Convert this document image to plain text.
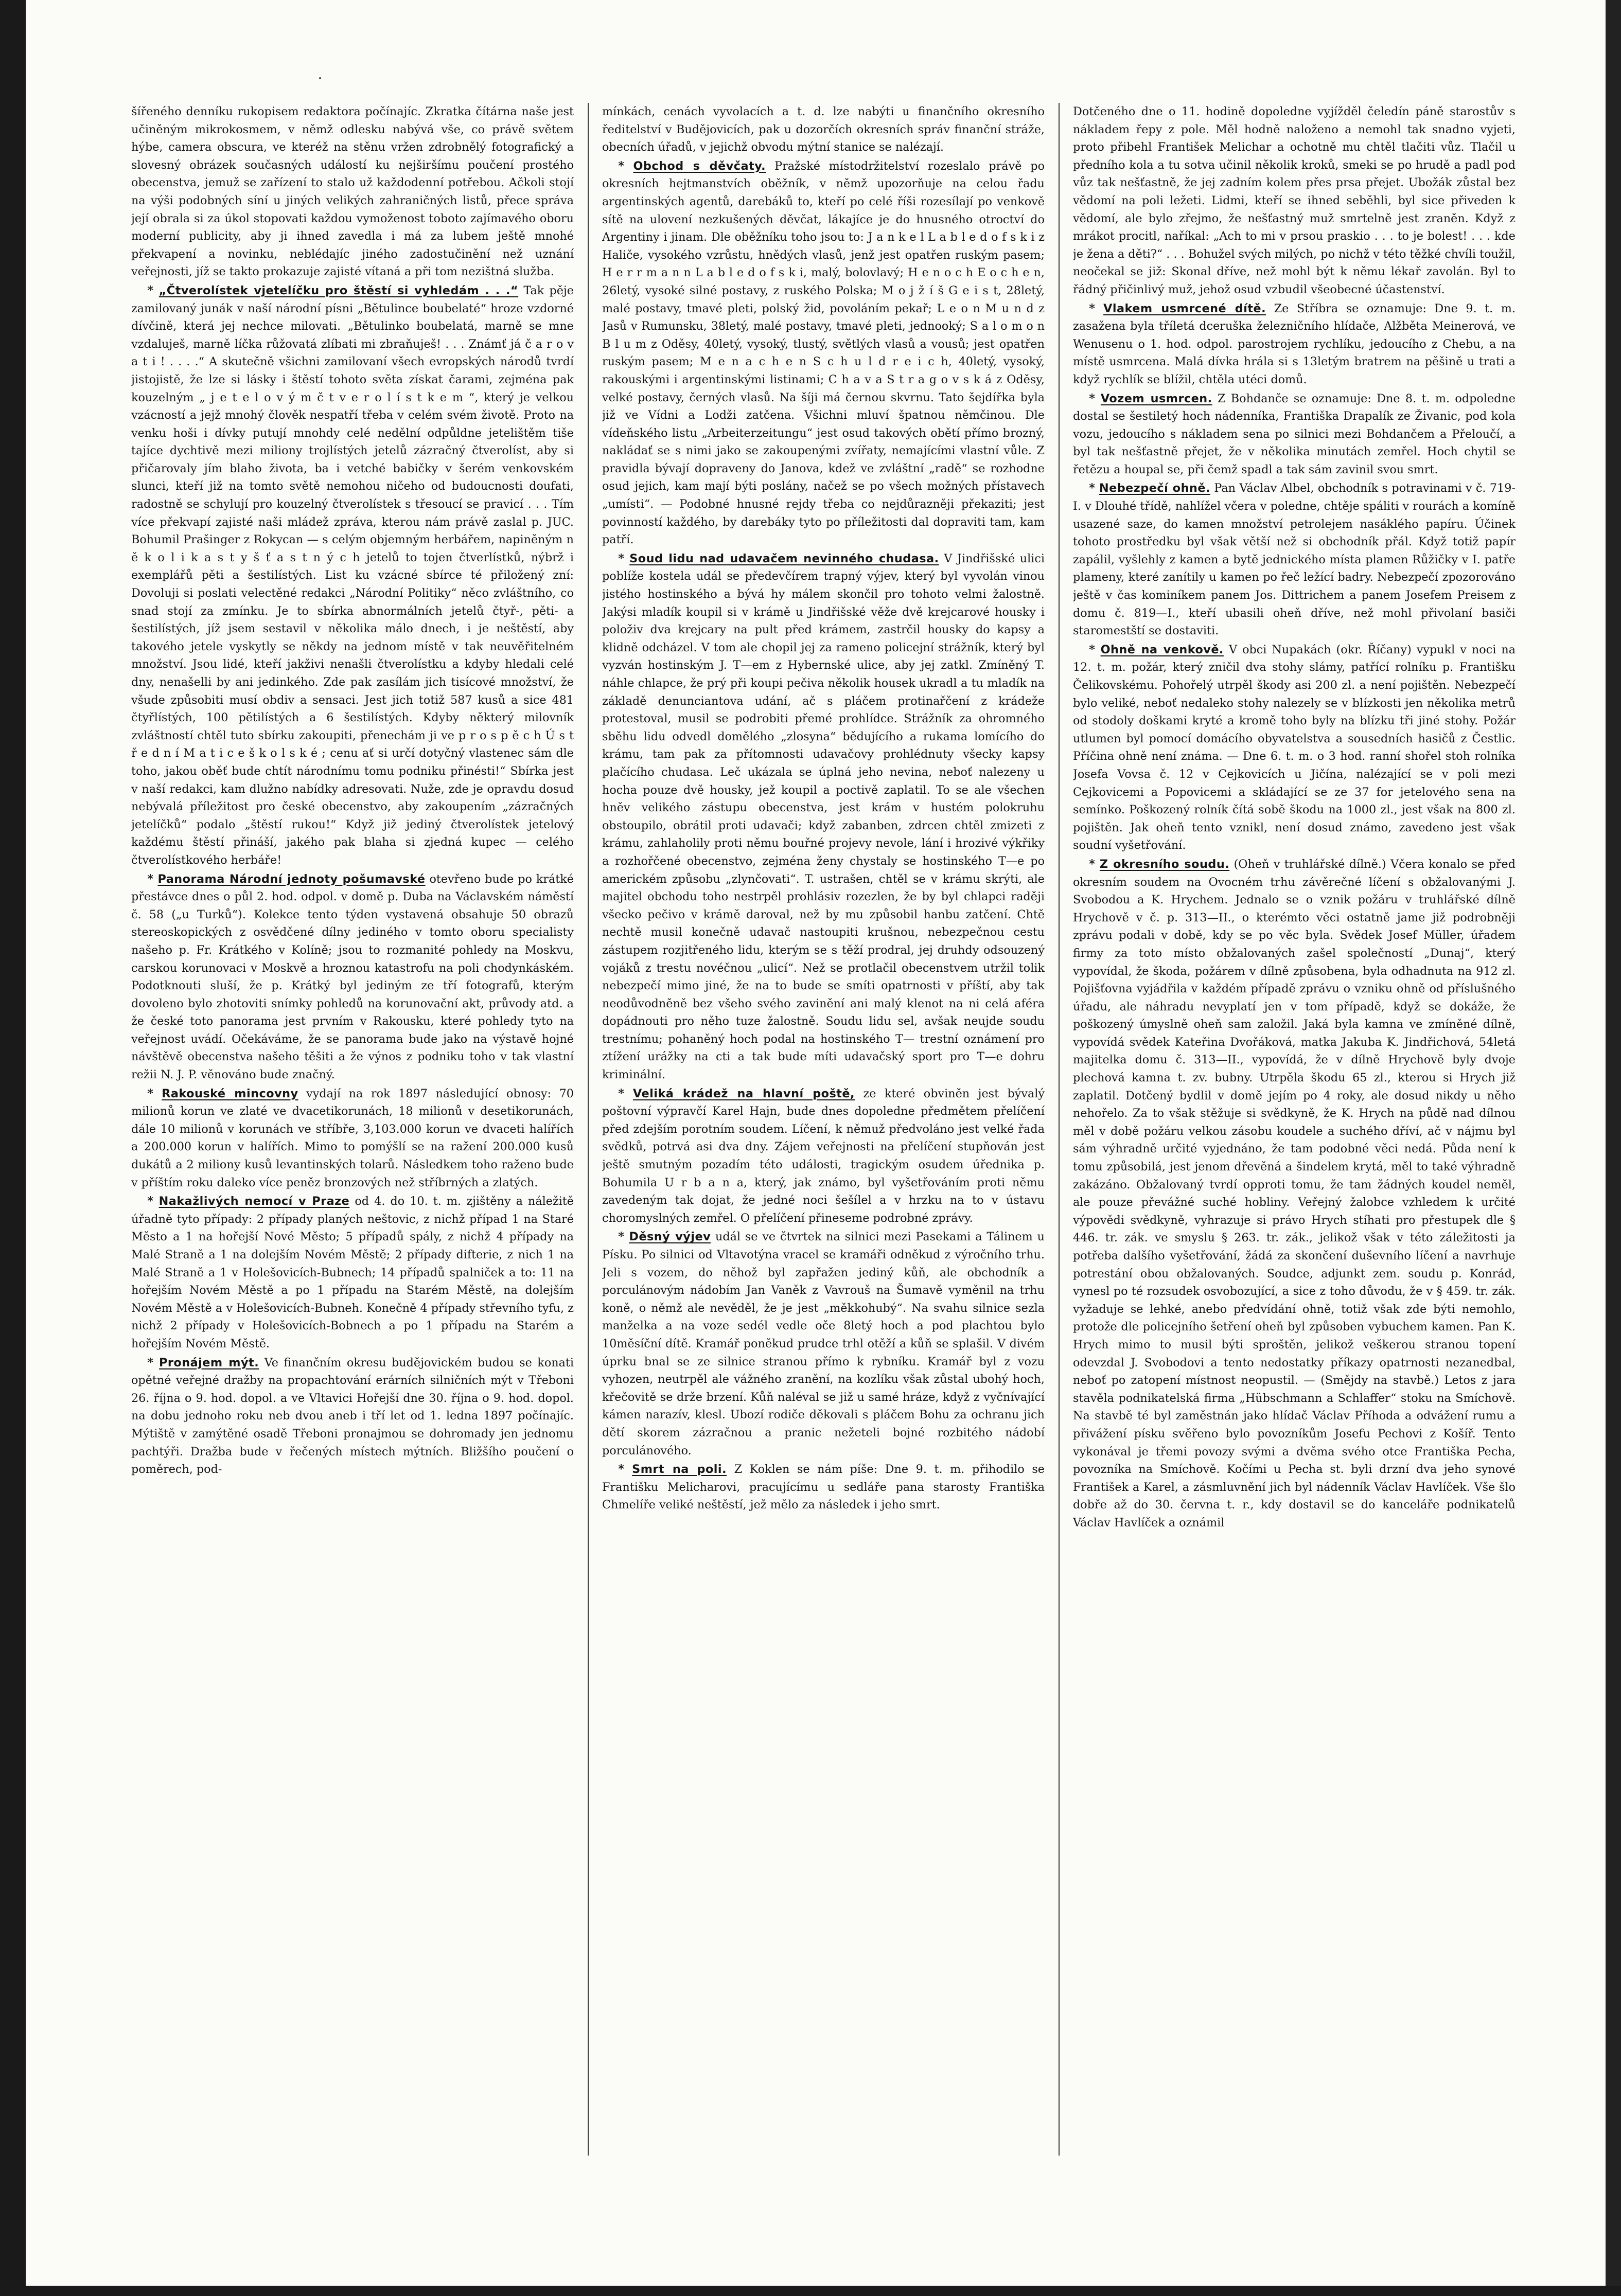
šířeného denníku rukopisem redaktora počínajíc. Zkratka čítárna naše jest učiněným mikrokosmem, v němž odlesku nabývá vše, co právě světem hýbe, camera obscura, ve kteréž na stěnu vržen zdrobnělý fotografický a slovesný obrázek současných událostí ku nejširšímu poučení prostého obecenstva, jemuž se zařízení to stalo už každodenní potřebou. Ačkoli stojí na výši podobných síní u jiných velikých zahraničných listů, přece správa její obrala si za úkol stopovati každou vymoženost toboto zajímavého oboru moderní publicity, aby ji ihned zavedla i má za lubem ještě mnohé překvapení a novinku, neblédajíc jiného zadostučinění než uznání veřejnosti, jíž se takto prokazuje zajisté vítaná a při tom nezištná služba.

* „Čtverolístek vjetelíčku pro štěstí si vyhledám . . .“ Tak pěje zamilovaný junák v naší národní písni „Bětulince boubelaté“ hroze vzdorné dívčině, která jej nechce milovati. „Bětulinko boubelatá, marně se mne vzdaluješ, marně líčka růžovatá zlíbati mi zbraňuješ! . . . Známť já č a r o v a t i ! . . . .“ A skutečně všichni zamilovaní všech evropských národů tvrdí jistojistě, že lze si lásky i štěstí tohoto světa získat čarami, zejména pak kouzelným „ j e t e l o v ý m č t v e r o l í s t k e m “, který je velkou vzácností a jejž mnohý člověk nespatří třeba v celém svém životě. Proto na venku hoši i dívky putují mnohdy celé nedělní odpůldne jetelištěm tiše tajíce dychtivě mezi miliony trojlístých jetelů zázračný čtverolíst, aby si přičarovaly jím blaho života, ba i vetché babičky v šerém venkovském slunci, kteří již na tomto světě nemohou ničeho od budoucnosti doufati, radostně se schylují pro kouzelný čtverolístek s třesoucí se pravicí . . . Tím více překvapí zajisté naši mládež zpráva, kterou nám právě zaslal p. JUC. Bohumil Prašinger z Rokycan — s celým objemným herbářem, napiněným n ě k o l i k a s t y š ť a s t n ý c h jetelů to tojen čtverlístků, nýbrž i exemplářů pěti a šestilístých. List ku vzácné sbírce té přiložený zní: Dovoluji si poslati velectěné redakci „Národní Politiky“ něco zvláštního, co snad stojí za zmínku. Je to sbírka abnormálních jetelů čtyř-, pěti- a šestilístých, jíž jsem sestavil v několika málo dnech, i je neštěstí, aby takového jetele vyskytly se někdy na jednom místě v tak neuvěřitelném množství. Jsou lidé, kteří jakživi nenašli čtverolístku a kdyby hledali celé dny, nenašelli by ani jedinkého. Zde pak zasílám jich tisícové množství, že všude způsobiti musí obdiv a sensaci. Jest jich totiž 587 kusů a sice 481 čtyřlístých, 100 pětilístých a 6 šestilístých. Kdyby některý milovník zvláštností chtěl tuto sbírku zakoupiti, přenechám ji ve p r o s p ě c h Ú s t ř e d n í M a t i c e š k o l s k é ; cenu ať si určí dotyčný vlastenec sám dle toho, jakou oběť bude chtít národnímu tomu podniku přinésti!“ Sbírka jest v naší redakci, kam dlužno nabídky adresovati. Nuže, zde je opravdu dosud nebývalá příležitost pro české obecenstvo, aby zakoupením „zázračných jetelíčků“ podalo „štěstí rukou!“ Když již jediný čtverolístek jetelový každému štěstí přináší, jakého pak blaha si zjedná kupec — celého čtverolístkového herbáře!

* Panorama Národní jednoty pošumavské otevřeno bude po krátké přestávce dnes o půl 2. hod. odpol. v domě p. Duba na Václavském náměstí č. 58 („u Turků“). Kolekce tento týden vystavená obsahuje 50 obrazů stereoskopických z osvědčené dílny jediného v tomto oboru specialisty našeho p. Fr. Krátkého v Kolíně; jsou to rozmanité pohledy na Moskvu, carskou korunovaci v Moskvě a hroznou katastrofu na poli chodynkáském. Podotknouti sluší, že p. Krátký byl jediným ze tří fotografů, kterým dovoleno bylo zhotoviti snímky pohledů na korunovační akt, průvody atd. a že české toto panorama jest prvním v Rakousku, které pohledy tyto na veřejnost uvádí. Očekáváme, že se panorama bude jako na výstavě hojné návštěvě obecenstva našeho těšiti a že výnos z podniku toho v tak vlastní režii N. J. P. věnováno bude značný.

* Rakouské mincovny vydají na rok 1897 následující obnosy: 70 milionů korun ve zlaté ve dvacetikorunách, 18 milionů v desetikorunách, dále 10 milionů v korunách ve stříbře, 3,103.000 korun ve dvaceti halířích a 200.000 korun v halířích. Mimo to pomýšlí se na ražení 200.000 kusů dukátů a 2 miliony kusů levantinských tolarů. Následkem toho raženo bude v příštím roku daleko více peněz bronzových než stříbrných a zlatých.

* Nakažlivých nemocí v Praze od 4. do 10. t. m. zjištěny a náležitě úřadně tyto případy: 2 případy planých neštovic, z nichž případ 1 na Staré Město a 1 na hořejší Nové Město; 5 případů spály, z nichž 4 případy na Malé Straně a 1 na dolejším Novém Městě; 2 případy difterie, z nich 1 na Malé Straně a 1 v Holešovicích-Bubnech; 14 případů spalniček a to: 11 na hořejším Novém Městě a po 1 případu na Starém Městě, na dolejším Novém Městě a v Holešovicích-Bubneh. Konečně 4 případy střevního tyfu, z nichž 2 případy v Holešovicích-Bobnech a po 1 případu na Starém a hořejším Novém Městě.

* Pronájem mýt. Ve finančním okresu budějovickém budou se konati opětné veřejné dražby na propachtování erárních silničních mýt v Třeboni 26. října o 9. hod. dopol. a ve Vltavici Hořejší dne 30. října o 9. hod. dopol. na dobu jednoho roku neb dvou aneb i tří let od 1. ledna 1897 počínajíc. Mýtiště v zamýtěné osadě Třeboni pronajmou se dohromady jen jednomu pachtýři. Dražba bude v řečených místech mýtních. Bližšího poučení o poměrech, pod-

mínkách, cenách vyvolacích a t. d. lze nabýti u finančního okresního ředitelství v Budějovicích, pak u dozorčích okresních správ finanční stráže, obecních úřadů, v jejichž obvodu mýtní stanice se nalézají.

* Obchod s děvčaty. Pražské místodržitelství rozeslalo právě po okresních hejtmanstvích oběžník, v němž upozorňuje na celou řadu argentinských agentů, darebáků to, kteří po celé říši rozesílají po venkově sítě na ulovení nezkušených děvčat, lákajíce je do hnusného otroctví do Argentiny i jinam. Dle oběžníku toho jsou to: J a n k e l L a b l e d o f s k i z Haliče, vysokého vzrůstu, hnědých vlasů, jenž jest opatřen ruským pasem; H e r r m a n n L a b l e d o f s k i, malý, bolovlavý; H e n o c h E o c h e n, 26letý, vysoké silné postavy, z ruského Polska; M o j ž í š G e i s t, 28letý, malé postavy, tmavé pleti, polský žid, povoláním pekař; L e o n M u n d z Jasů v Rumunsku, 38letý, malé postavy, tmavé pleti, jednooký; S a l o m o n B l u m z Oděsy, 40letý, vysoký, tlustý, světlých vlasů a vousů; jest opatřen ruským pasem; M e n a c h e n S c h u l d r e i c h, 40letý, vysoký, rakouskými i argentinskými listinami; C h a v a S t r a g o v s k á z Oděsy, velké postavy, černých vlasů. Na šíji má černou skvrnu. Tato šejdířka byla již ve Vídni a Lodži zatčena. Všichni mluví špatnou němčinou. Dle vídeňského listu „Arbeiterzeitungu“ jest osud takových obětí přímo brozný, nakládať se s nimi jako se zakoupenými zvířaty, nemajícími vlastní vůle. Z pravidla bývají dopraveny do Janova, kdež ve zvláštní „radě“ se rozhodne osud jejich, kam mají býti poslány, načež se po všech možných přístavech „umísti“. — Podobné hnusné rejdy třeba co nejdůrazněji překaziti; jest povinností každého, by darebáky tyto po příležitosti dal dopraviti tam, kam patří.

* Soud lidu nad udavačem nevinného chudasa. V Jindřišské ulici poblíže kostela udál se předevčírem trapný výjev, který byl vyvolán vinou jistého hostinského a bývá hy málem skončil pro tohoto velmi žalostně. Jakýsi mladík koupil si v krámě u Jindřišské věže dvě krejcarové housky i položiv dva krejcary na pult před krámem, zastrčil housky do kapsy a klidně odcházel. V tom ale chopil jej za rameno policejní strážník, který byl vyzván hostinským J. T—em z Hybernské ulice, aby jej zatkl. Zmíněný T. náhle chlapce, že prý při koupi pečiva několik housek ukradl a tu mladík na základě denunciantova udání, ač s pláčem protinařčení z krádeže protestoval, musil se podrobiti přemé prohlídce. Strážník za ohromného sběhu lidu odvedl domělého „zlosyna“ bědujícího a rukama lomícího do krámu, tam pak za přítomnosti udavačovy prohlédnuty všecky kapsy plačícího chudasa. Leč ukázala se úplná jeho nevina, neboť nalezeny u hocha pouze dvě housky, jež koupil a poctivě zaplatil. To se ale všechen hněv velikého zástupu obecenstva, jest krám v hustém polokruhu obstoupilo, obrátil proti udavači; když zabanben, zdrcen chtěl zmizeti z krámu, zahlaholily proti němu bouřné projevy nevole, lání i hrozivé výkřiky a rozhořčené obecenstvo, zejména ženy chystaly se hostinského T—e po americkém způsobu „zlynčovati“. T. ustrašen, chtěl se v krámu skrýti, ale majitel obchodu toho nestrpěl prohlásiv rozezlen, že by byl chlapci raději všecko pečivo v krámě daroval, než by mu způsobil hanbu zatčení. Chtě nechtě musil konečně udavač nastoupiti krušnou, nebezpečnou cestu zástupem rozjitřeného lidu, kterým se s těží prodral, jej druhdy odsouzený vojáků z trestu novéčnou „ulicí“. Než se protlačil obecenstvem utržil tolik nebezpečí mimo jiné, že na to bude se smíti opatrnosti v příští, aby tak neodůvodněně bez všeho svého zavinění ani malý klenot na ni celá aféra dopádnouti pro něho tuze žalostně. Soudu lidu sel, avšak neujde soudu trestnímu; pohaněný hoch podal na hostinského T— trestní oznámení pro ztížení urážky na cti a tak bude míti udavačský sport pro T—e dohru kriminální.

* Veliká krádež na hlavní poště, ze které obviněn jest bývalý poštovní výpravčí Karel Hajn, bude dnes dopoledne předmětem přelíčení před zdejším porotním soudem. Líčení, k němuž předvoláno jest velké řada svědků, potrvá asi dva dny. Zájem veřejnosti na přelíčení stupňován jest ještě smutným pozadím této události, tragickým osudem úřednika p. Bohumila U r b a n a, který, jak známo, byl vyšetřováním proti němu zavedeným tak dojat, že jedné noci šešílel a v hrzku na to v ústavu choromyslných zemřel. O přelíčení přineseme podrobné zprávy.

* Děsný výjev udál se ve čtvrtek na silnici mezi Pasekami a Tálinem u Písku. Po silnici od Vltavotýna vracel se kramáři odněkud z výročního trhu. Jeli s vozem, do něhož byl zapřažen jediný kůň, ale obchodník a porculánovým nádobím Jan Vaněk z Vavrouš na Šumavě vyměnil na trhu koně, o němž ale nevěděl, že je jest „měkkohubý“. Na svahu silnice sezla manželka a na voze sedél vedle oče 8letý hoch a pod plachtou bylo 10měsíční dítě. Kramář poněkud prudce trhl otěží a kůň se splašil. V divém úprku bnal se ze silnice stranou přímo k rybníku. Kramář byl z vozu vyhozen, neutrpěl ale vážného zranění, na kozlíku však zůstal ubohý hoch, křečovitě se drže brzení. Kůň naléval se již u samé hráze, když z vyčnívající kámen narazív, klesl. Ubozí rodiče děkovali s pláčem Bohu za ochranu jich dětí skorem zázračnou a pranic nežeteli bojné rozbitého nádobí porculánového.

* Smrt na poli. Z Koklen se nám píše: Dne 9. t. m. přihodilo se Františku Melicharovi, pracujícímu u sedláře pana starosty Františka Chmelíře veliké neštěstí, jež mělo za následek i jeho smrt.

Dotčeného dne o 11. hodině dopoledne vyjížděl čeledín páně starostův s nákladem řepy z pole. Měl hodně naloženo a nemohl tak snadno vyjeti, proto přibehl František Melichar a ochotně mu chtěl tlačiti vůz. Tlačil u předního kola a tu sotva učinil několik kroků, smeki se po hrudě a padl pod vůz tak nešťastně, že jej zadním kolem přes prsa přejet. Ubožák zůstal bez vědomí na poli ležeti. Lidmi, kteří se ihned seběhli, byl sice přiveden k vědomí, ale bylo zřejmo, že nešťastný muž smrtelně jest zraněn. Když z mrákot procitl, naříkal: „Ach to mi v prsou praskio . . . to je bolest! . . . kde je žena a děti?“ . . . Bohužel svých milých, po nichž v této těžké chvíli toužil, neočekal se již: Skonal dříve, než mohl být k němu lékař zavolán. Byl to řádný přičinlivý muž, jehož osud vzbudil všeobecné účastenství.

* Vlakem usmrcené dítě. Ze Stříbra se oznamuje: Dne 9. t. m. zasažena byla tříletá dceruška železničního hlídače, Alžběta Meinerová, ve Wenusenu o 1. hod. odpol. parostrojem rychlíku, jedoucího z Chebu, a na místě usmrcena. Malá dívka hrála si s 13letým bratrem na pěšině u trati a když rychlík se blížil, chtěla utéci domů.

* Vozem usmrcen. Z Bohdanče se oznamuje: Dne 8. t. m. odpoledne dostal se šestiletý hoch nádenníka, Františka Drapalík ze Živanic, pod kola vozu, jedoucího s nákladem sena po silnici mezi Bohdančem a Přeloučí, a byl tak nešťastně přejet, že v několika minutách zemřel. Hoch chytil se řetězu a houpal se, při čemž spadl a tak sám zavinil svou smrt.

* Nebezpečí ohně. Pan Václav Albel, obchodník s potravinami v č. 719-I. v Dlouhé třídě, nahlížel včera v poledne, chtěje spáliti v rourách a komíně usazené saze, do kamen množství petrolejem nasáklého papíru. Účinek tohoto prostředku byl však větší než si obchodník přál. Když totiž papír zapálil, vyšlehly z kamen a bytě jednického místa plamen Růžičky v I. patře plameny, které zanítily u kamen po řeč ležící badry. Nebezpečí zpozorováno ještě v čas kominíkem panem Jos. Dittrichem a panem Josefem Preisem z domu č. 819—I., kteří ubasili oheň dříve, než mohl přivolaní basiči staromestští se dostaviti.

* Ohně na venkově. V obci Nupakách (okr. Říčany) vypukl v noci na 12. t. m. požár, který zničil dva stohy slámy, patřící rolníku p. Františku Čelikovskému. Pohořelý utrpěl škody asi 200 zl. a není pojištěn. Nebezpečí bylo veliké, neboť nedaleko stohy nalezely se v blízkosti jen několika metrů od stodoly doškami kryté a kromě toho byly na blízku tři jiné stohy. Požár utlumen byl pomocí domácího obyvatelstva a sousedních hasičů z Čestlic. Příčina ohně není známa. — Dne 6. t. m. o 3 hod. ranní shořel stoh rolníka Josefa Vovsa č. 12 v Cejkovicích u Jičína, nalézající se v poli mezi Cejkovicemi a Popovicemi a skládající se ze 37 for jetelového sena na semínko. Poškozený rolník čítá sobě škodu na 1000 zl., jest však na 800 zl. pojištěn. Jak oheň tento vznikl, není dosud známo, zavedeno jest však soudní vyšetřování.

* Z okresního soudu. (Oheň v truhlářské dílně.) Včera konalo se před okresním soudem na Ovocném trhu závěrečné líčení s obžalovanými J. Svobodou a K. Hrychem. Jednalo se o vznik požáru v truhlářské dílně Hrychově v č. p. 313—II., o kterémto věci ostatně jame již podrobněji zprávu podali v době, kdy se po věc byla. Svědek Josef Müller, úřadem firmy za toto místo obžalovaných zašel společností „Dunaj“, který vypovídal, že škoda, požárem v dílně způsobena, byla odhadnuta na 912 zl. Pojišťovna vyjádřila v každém případě zprávu o vzniku ohně od příslušného úřadu, ale náhradu nevyplatí jen v tom případě, když se dokáže, že poškozený úmyslně oheň sam založil. Jaká byla kamna ve zmíněné dílně, vypovídá svědek Kateřina Dvořáková, matka Jakuba K. Jindřichová, 54letá majitelka domu č. 313—II., vypovídá, že v dílně Hrychově byly dvoje plechová kamna t. zv. bubny. Utrpěla škodu 65 zl., kterou si Hrych již zaplatil. Dotčený bydlil v domě jejím po 4 roky, ale dosud nikdy u něho nehořelo. Za to však stěžuje si svědkyně, že K. Hrych na půdě nad dílnou měl v době požáru velkou zásobu koudele a suchého dříví, ač v nájmu byl sám výhradně určité vyjednáno, že tam podobné věci nedá. Půda není k tomu způsobilá, jest jenom dřevěná a šindelem krytá, měl to také výhradně zakázáno. Obžalovaný tvrdí opproti tomu, že tam žádných koudel neměl, ale pouze převážné suché hobliny. Veřejný žalobce vzhledem k určité výpovědi svědkyně, vyhrazuje si právo Hrych stíhati pro přestupek dle § 446. tr. zák. ve smyslu § 263. tr. zák., jelikož však v této záležitosti ja potřeba dalšího vyšetřování, žádá za skončení duševního líčení a navrhuje potrestání obou obžalovaných. Soudce, adjunkt zem. soudu p. Konrád, vynesl po té rozsudek osvobozující, a sice z toho důvodu, že v § 459. tr. zák. vyžaduje se lehké, anebo předvídání ohně, totiž však zde býti nemohlo, protože dle policejního šetření oheň byl způsoben vybuchem kamen. Pan K. Hrych mimo to musil býti sproštěn, jelikož veškerou stranou topení odevzdal J. Svobodovi a tento nedostatky příkazy opatrnosti nezanedbal, neboť po zatopení místnost neopustil. — (Smějdy na stavbě.) Letos z jara stavěla podnikatelská firma „Hübschmann a Schlaffer“ stoku na Smíchově. Na stavbě té byl zaměstnán jako hlídač Václav Příhoda a odvážení rumu a přivážení písku svěřeno bylo povozníkům Josefu Pechovi z Košíř. Tento vykonával je třemi povozy svými a dvěma svého otce Františka Pecha, povozníka na Smíchově. Kočími u Pecha st. byli drzní dva jeho synové František a Karel, a zásmluvnění jich byl nádenník Václav Havlíček. Vše šlo dobře až do 30. června t. r., kdy dostavil se do kanceláře podnikatelů Václav Havlíček a oznámil
